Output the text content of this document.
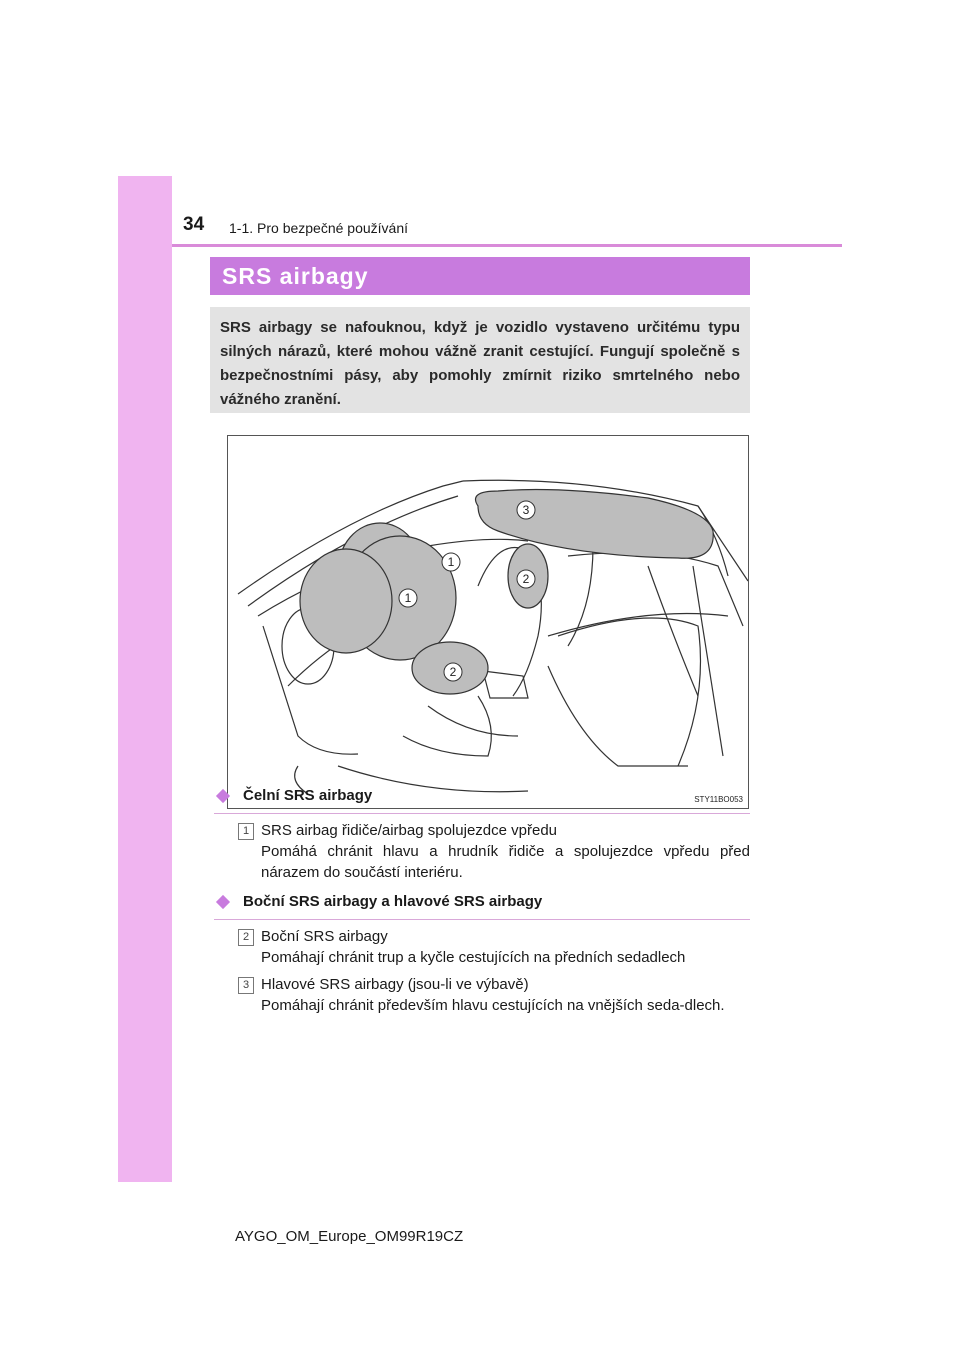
34 1-1. Pro bezpečné používání
SRS airbagy
SRS airbagy se nafouknou, když je vozidlo vystaveno určitému typu silných nárazů, které mohou vážně zranit cestující. Fungují společně s bezpečnostními pásy, aby pomohly zmírnit riziko smrtelného nebo vážného zranění.
1
1
2
2
3
STY11BO053
Čelní SRS airbagy
1 SRS airbag řidiče/airbag spolujezdce vpředu
Pomáhá chránit hlavu a hrudník řidiče a spolujezdce vpředu před nárazem do součástí interiéru.
Boční SRS airbagy a hlavové SRS airbagy
2 Boční SRS airbagy
Pomáhají chránit trup a kyčle cestujících na předních sedadlech
3 Hlavové SRS airbagy (jsou-li ve výbavě)
Pomáhají chránit především hlavu cestujících na vnějších seda-dlech.
AYGO_OM_Europe_OM99R19CZ
